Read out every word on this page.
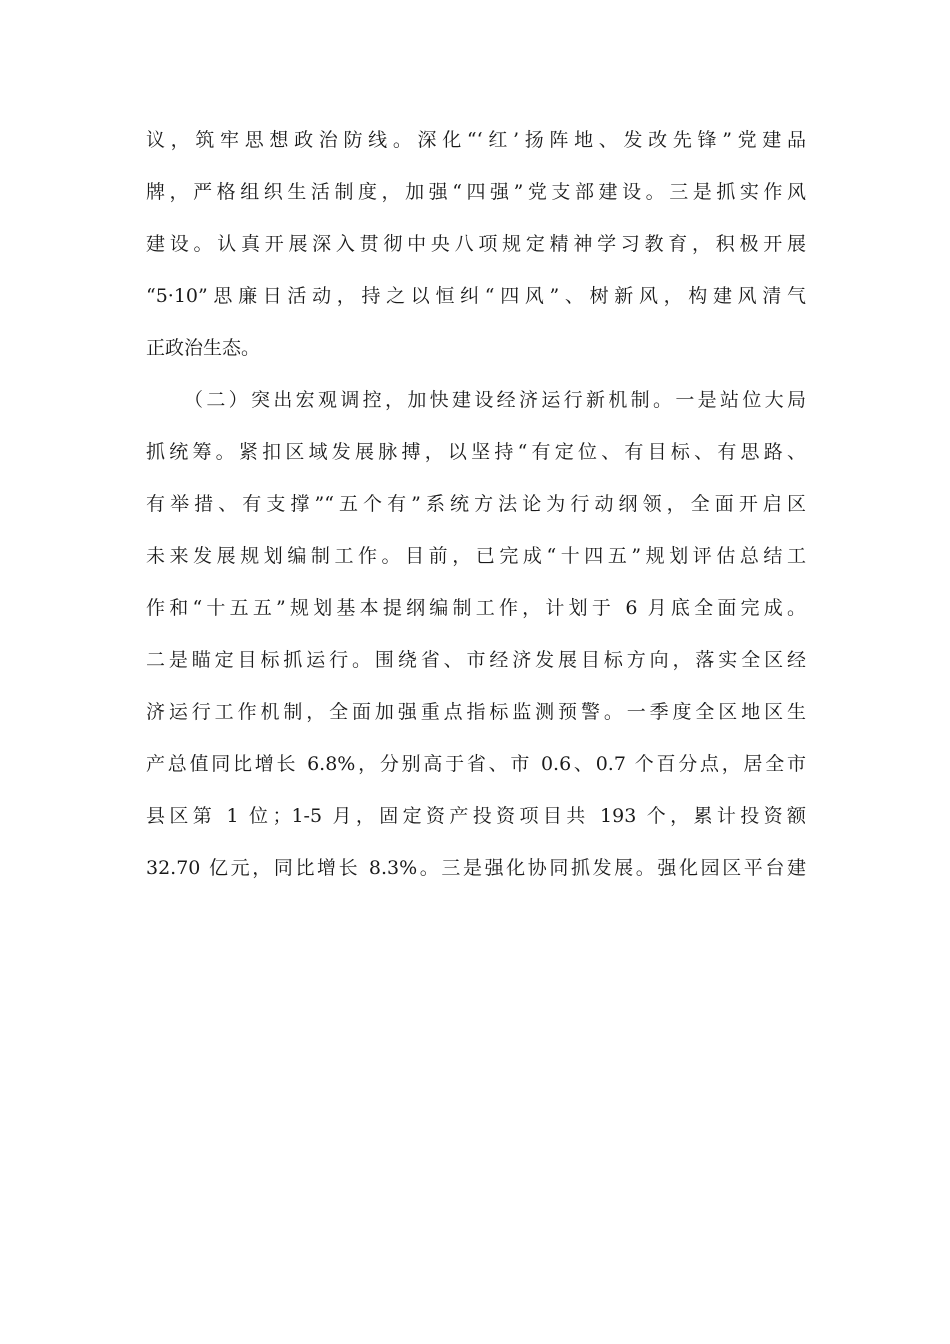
议，筑牢思想政治防线。深化“‘红’扬阵地、发改先锋”党建品
牌，严格组织生活制度，加强“四强”党支部建设。三是抓实作风
建设。认真开展深入贯彻中央八项规定精神学习教育，积极开展
“5·10”思廉日活动，持之以恒纠“四风”、树新风，构建风清气
正政治生态。
（二）突出宏观调控，加快建设经济运行新机制。一是站位大局
抓统筹。紧扣区域发展脉搏，以坚持“有定位、有目标、有思路、
有举措、有支撑”“五个有”系统方法论为行动纲领，全面开启区
未来发展规划编制工作。目前，已完成“十四五”规划评估总结工
作和“十五五”规划基本提纲编制工作，计划于 6 月底全面完成。
二是瞄定目标抓运行。围绕省、市经济发展目标方向，落实全区经
济运行工作机制，全面加强重点指标监测预警。一季度全区地区生
产总值同比增长 6.8%，分别高于省、市 0.6、0.7 个百分点，居全市
县区第 1 位；1-5 月，固定资产投资项目共 193 个，累计投资额
32.70 亿元，同比增长 8.3%。三是强化协同抓发展。强化园区平台建
